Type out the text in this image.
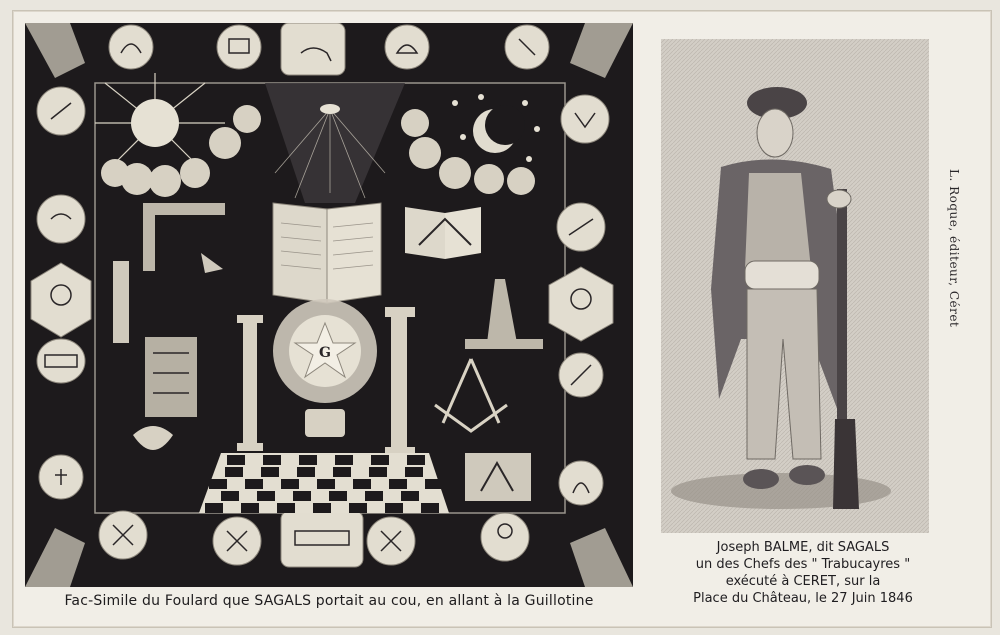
G
Fac-Simile du Foulard que SAGALS portait au cou, en allant à la Guillotine
L. Roque, éditeur, Céret
Joseph BALME, dit SAGALS
un des Chefs des " Trabucayres "
exécuté à CERET, sur la
Place du Château, le 27 Juin 1846
